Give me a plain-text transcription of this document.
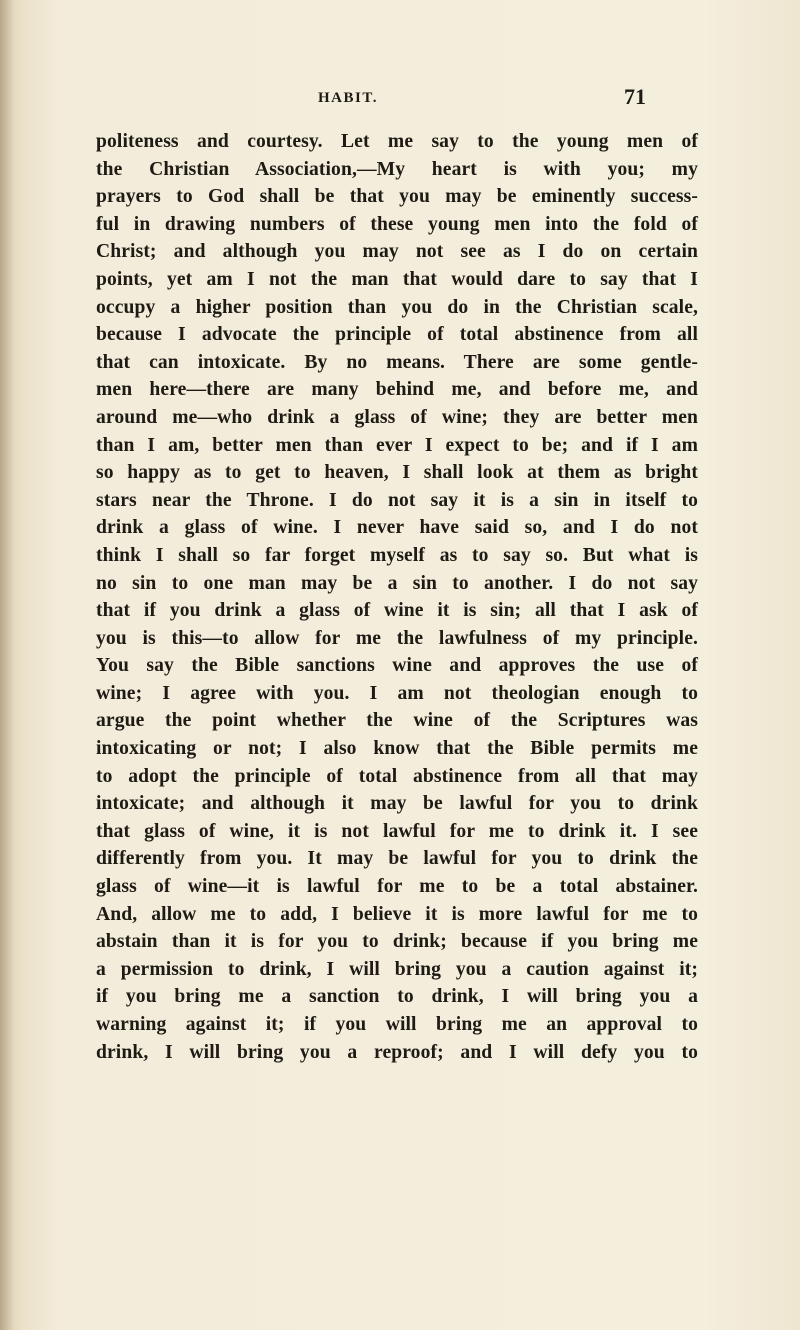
HABIT.	71
politeness and courtesy. Let me say to the young men of
the Christian Association,—My heart is with you; my
prayers to God shall be that you may be eminently success-
ful in drawing numbers of these young men into the fold of
Christ; and although you may not see as I do on certain
points, yet am I not the man that would dare to say that I
occupy a higher position than you do in the Christian scale,
because I advocate the principle of total abstinence from all
that can intoxicate. By no means. There are some gentle-
men here—there are many behind me, and before me, and
around me—who drink a glass of wine; they are better men
than I am, better men than ever I expect to be; and if I am
so happy as to get to heaven, I shall look at them as bright
stars near the Throne. I do not say it is a sin in itself to
drink a glass of wine. I never have said so, and I do not
think I shall so far forget myself as to say so. But what is
no sin to one man may be a sin to another. I do not say
that if you drink a glass of wine it is sin; all that I ask of
you is this—to allow for me the lawfulness of my principle.
You say the Bible sanctions wine and approves the use of
wine; I agree with you. I am not theologian enough to
argue the point whether the wine of the Scriptures was
intoxicating or not; I also know that the Bible permits me
to adopt the principle of total abstinence from all that may
intoxicate; and although it may be lawful for you to drink
that glass of wine, it is not lawful for me to drink it. I see
differently from you. It may be lawful for you to drink the
glass of wine—it is lawful for me to be a total abstainer.
And, allow me to add, I believe it is more lawful for me to
abstain than it is for you to drink; because if you bring me
a permission to drink, I will bring you a caution against it;
if you bring me a sanction to drink, I will bring you a
warning against it; if you will bring me an approval to
drink, I will bring you a reproof; and I will defy you to
